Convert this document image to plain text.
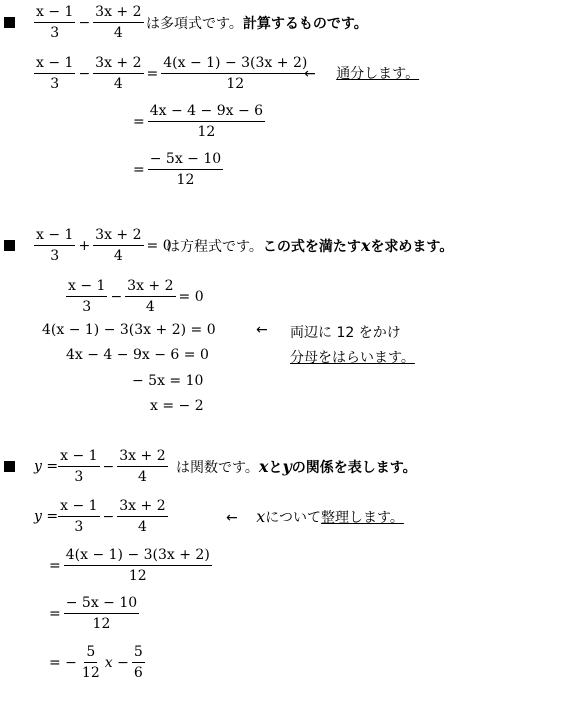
$\frac{x - 1}{3} - \frac{3x + 2}{4}$ は多項式です。計算するものです。
$\frac{x - 1}{3} - \frac{3x + 2}{4} = \frac{4(x - 1) - 3(3x + 2)}{12}$
← 通分します。
= $\frac{4x - 4 - 9x - 6}{12}$
= $\frac{- 5x - 10}{12}$
$\frac{x - 1}{3} + \frac{3x + 2}{4} = 0$
は方程式です。この式を満たすxを求めます。
$\frac{x - 1}{3} - \frac{3x + 2}{4} = 0$
4(x − 1) − 3(3x + 2) = 0
4x − 4 − 9x − 6 = 0
− 5x = 10
x = − 2
← 両辺に 12 をかけ
分母をはらいます。
$y = \frac{x - 1}{3} - \frac{3x + 2}{4}$ は関数です。xとyの関係を表します。
$y = \frac{x - 1}{3} - \frac{3x + 2}{4}$	← xについて整理します。
= $\frac{4(x - 1) - 3(3x + 2)}{12}$
= $\frac{- 5x - 10}{12}$
= − $\frac{5}{12}$ $x - \frac{5}{6}$
